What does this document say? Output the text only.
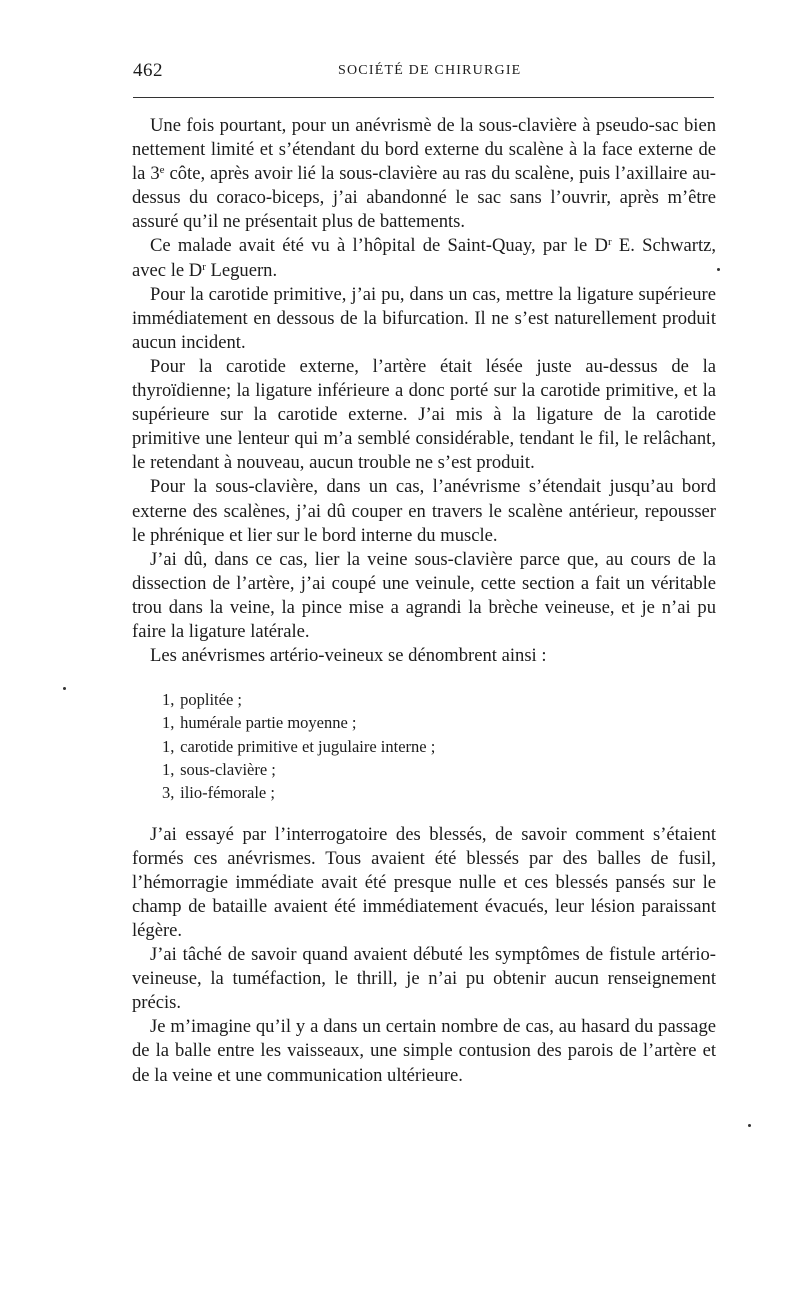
462	SOCIÉTÉ DE CHIRURGIE

Une fois pourtant, pour un anévrismè de la sous-clavière à pseudo-sac bien nettement limité et s’étendant du bord externe du scalène à la face externe de la 3e côte, après avoir lié la sous-clavière au ras du scalène, puis l’axillaire au-dessus du coraco-biceps, j’ai abandonné le sac sans l’ouvrir, après m’être assuré qu’il ne présentait plus de battements.

Ce malade avait été vu à l’hôpital de Saint-Quay, par le $D^r$ E. Schwartz, avec le $D^r$ Leguern.

Pour la carotide primitive, j’ai pu, dans un cas, mettre la ligature supérieure immédiatement en dessous de la bifurcation. Il ne s’est naturellement produit aucun incident.

Pour la carotide externe, l’artère était lésée juste au-dessus de la thyroïdienne; la ligature inférieure a donc porté sur la carotide primitive, et la supérieure sur la carotide externe. J’ai mis à la ligature de la carotide primitive une lenteur qui m’a semblé considérable, tendant le fil, le relâchant, le retendant à nouveau, aucun trouble ne s’est produit.

Pour la sous-clavière, dans un cas, l’anévrisme s’étendait jusqu’au bord externe des scalènes, j’ai dû couper en travers le scalène antérieur, repousser le phrénique et lier sur le bord interne du muscle.

J’ai dû, dans ce cas, lier la veine sous-clavière parce que, au cours de la dissection de l’artère, j’ai coupé une veinule, cette section a fait un véritable trou dans la veine, la pince mise a agrandi la brèche veineuse, et je n’ai pu faire la ligature latérale.

Les anévrismes artério-veineux se dénombrent ainsi :

1, poplitée ;
1, humérale partie moyenne ;
1, carotide primitive et jugulaire interne ;
1, sous-clavière ;
3, ilio-fémorale ;

J’ai essayé par l’interrogatoire des blessés, de savoir comment s’étaient formés ces anévrismes. Tous avaient été blessés par des balles de fusil, l’hémorragie immédiate avait été presque nulle et ces blessés pansés sur le champ de bataille avaient été immédiatement évacués, leur lésion paraissant légère.

J’ai tâché de savoir quand avaient débuté les symptômes de fistule artério-veineuse, la tuméfaction, le thrill, je n’ai pu obtenir aucun renseignement précis.

Je m’imagine qu’il y a dans un certain nombre de cas, au hasard du passage de la balle entre les vaisseaux, une simple contusion des parois de l’artère et de la veine et une communication ultérieure.
